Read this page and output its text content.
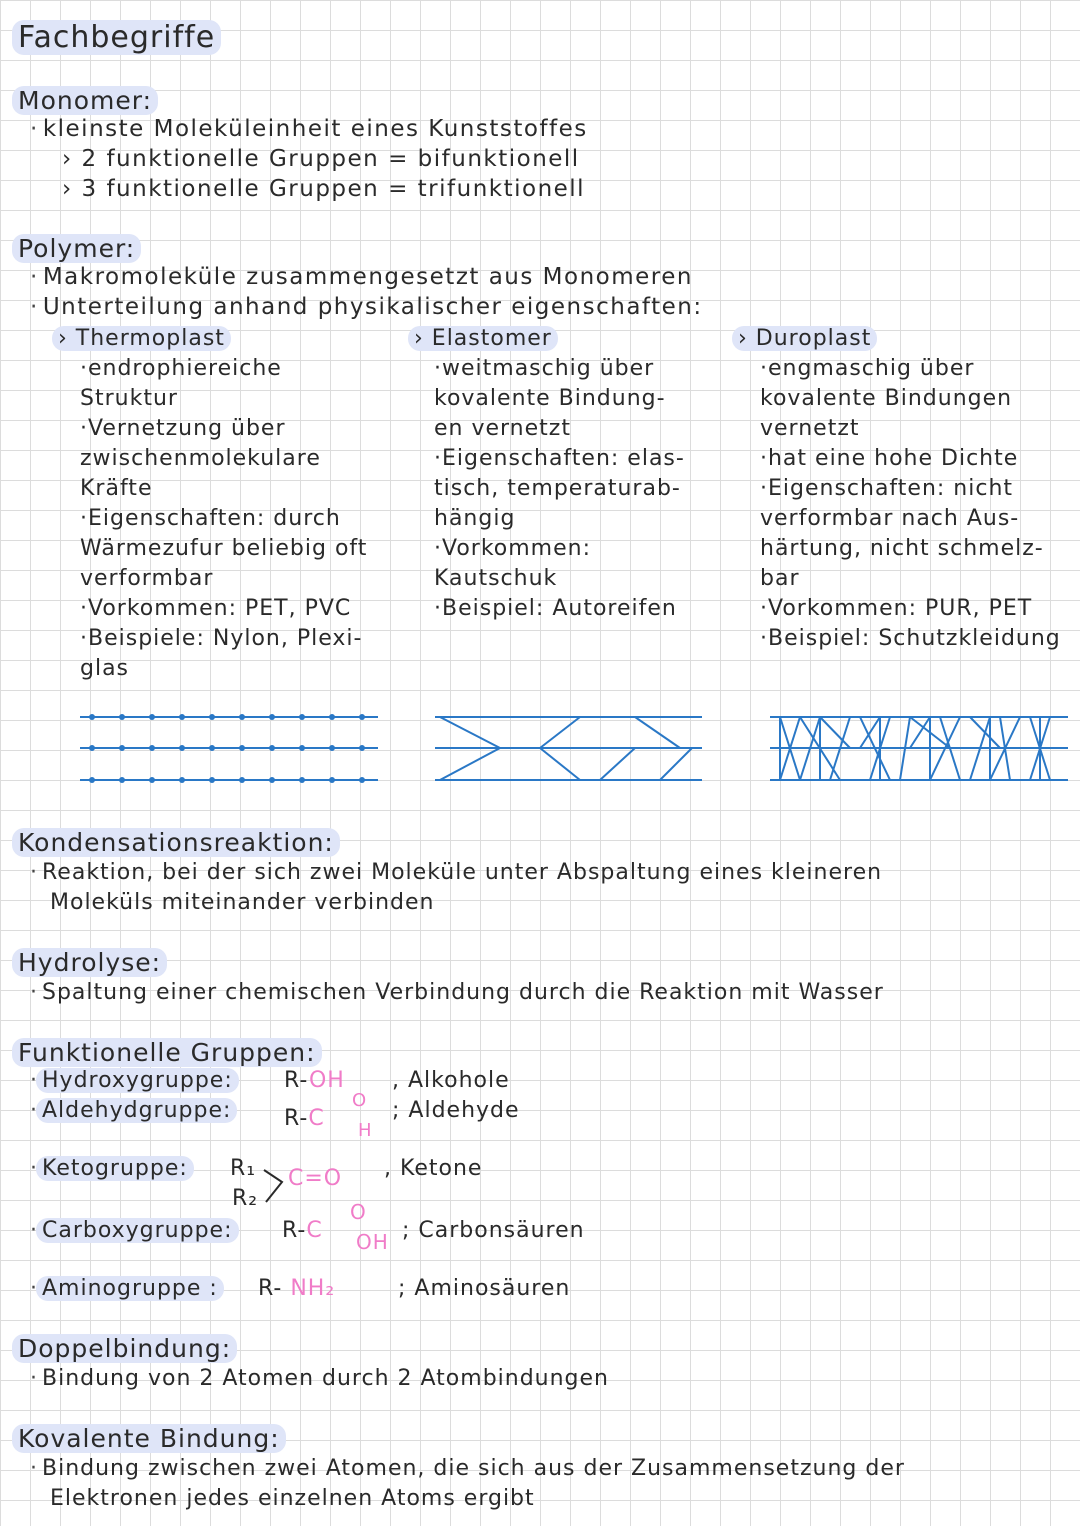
Fachbegriffe
Monomer:
· kleinste Moleküleinheit eines Kunststoffes
› 2 funktionelle Gruppen = bifunktionell
› 3 funktionelle Gruppen = trifunktionell
Polymer:
· Makromoleküle zusammengesetzt aus Monomeren
· Unterteilung anhand physikalischer eigenschaften:
› Thermoplast
·endrophiereiche
Struktur
·Vernetzung über
zwischenmolekulare
Kräfte
·Eigenschaften: durch
Wärmezufur beliebig oft
verformbar
·Vorkommen: PET, PVC
·Beispiele: Nylon, Plexi-
glas
› Elastomer
·weitmaschig über
kovalente Bindung-
en vernetzt
·Eigenschaften: elas-
tisch, temperaturab-
hängig
·Vorkommen:
Kautschuk
·Beispiel: Autoreifen
› Duroplast
·engmaschig über
kovalente Bindungen
vernetzt
·hat eine hohe Dichte
·Eigenschaften: nicht
verformbar nach Aus-
härtung, nicht schmelz-
bar
·Vorkommen: PUR, PET
·Beispiel: Schutzkleidung
Kondensationsreaktion:
· Reaktion, bei der sich zwei Moleküle unter Abspaltung eines kleineren
Moleküls miteinander verbinden
Hydrolyse:
· Spaltung einer chemischen Verbindung durch die Reaktion mit Wasser
Funktionelle Gruppen:
· Hydroxygruppe: R-OH , Alkohole
· Aldehydgruppe: R-C
O
H
; Aldehyde
· Ketogruppe: R₁
R₂
C=O , Ketone
· Carboxygruppe: R-C
O
OH ; Carbonsäuren
· Aminogruppe : R- NH₂	; Aminosäuren
Doppelbindung:
· Bindung von 2 Atomen durch 2 Atombindungen
Kovalente Bindung:
· Bindung zwischen zwei Atomen, die sich aus der Zusammensetzung der
Elektronen jedes einzelnen Atoms ergibt
